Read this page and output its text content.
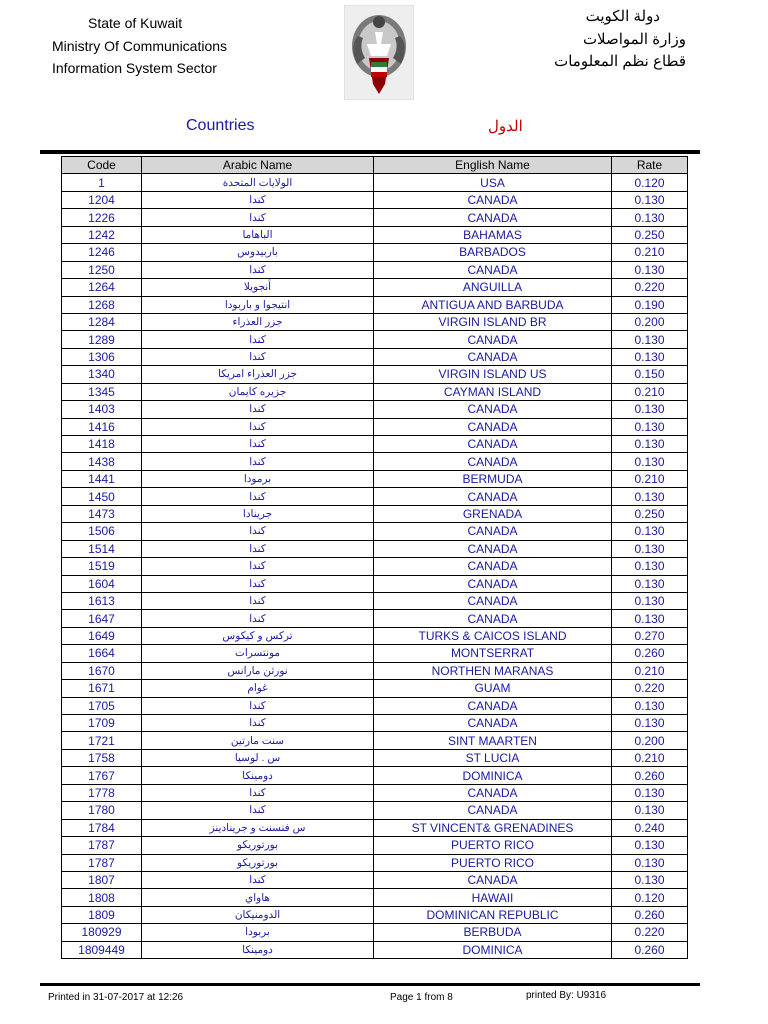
State of Kuwait
Ministry Of Communications
Information System Sector
دولة الكويت
وزارة المواصلات
قطاع نظم المعلومات
Countries	الدول
Code	Arabic Name	English Name	Rate
1	الولايات المتحدة	USA	0.120
1204	كندا	CANADA	0.130
1226	كندا	CANADA	0.130
1242	الباهاما	BAHAMAS	0.250
1246	باربيدوس	BARBADOS	0.210
1250	كندا	CANADA	0.130
1264	أنجويلا	ANGUILLA	0.220
1268	انتيجوا و باربودا	ANTIGUA AND BARBUDA	0.190
1284	جزر العذراء	VIRGIN ISLAND BR	0.200
1289	كندا	CANADA	0.130
1306	كندا	CANADA	0.130
1340	جزر العذراء امريكا	VIRGIN ISLAND US	0.150
1345	جزيره كايمان	CAYMAN ISLAND	0.210
1403	كندا	CANADA	0.130
1416	كندا	CANADA	0.130
1418	كندا	CANADA	0.130
1438	كندا	CANADA	0.130
1441	برمودا	BERMUDA	0.210
1450	كندا	CANADA	0.130
1473	جرينادا	GRENADA	0.250
1506	كندا	CANADA	0.130
1514	كندا	CANADA	0.130
1519	كندا	CANADA	0.130
1604	كندا	CANADA	0.130
1613	كندا	CANADA	0.130
1647	كندا	CANADA	0.130
1649	تركس و كيكوس	TURKS & CAICOS ISLAND	0.270
1664	مونتسرات	MONTSERRAT	0.260
1670	نورثن مارانس	NORTHEN MARANAS	0.210
1671	غوام	GUAM	0.220
1705	كندا	CANADA	0.130
1709	كندا	CANADA	0.130
1721	سنت مارتين	SINT MAARTEN	0.200
1758	س . لوسيا	ST LUCIA	0.210
1767	دومينكا	DOMINICA	0.260
1778	كندا	CANADA	0.130
1780	كندا	CANADA	0.130
1784	س فنسنت و جرينادينز	ST VINCENT& GRENADINES	0.240
1787	بورتوريكو	PUERTO RICO	0.130
1787	بورتوريكو	PUERTO RICO	0.130
1807	كندا	CANADA	0.130
1808	هاواي	HAWAII	0.120
1809	الدومنيكان	DOMINICAN REPUBLIC	0.260
180929	بربودا	BERBUDA	0.220
1809449	دومينكا	DOMINICA	0.260
Printed in 31-07-2017 at 12:26	Page 1 from 8	printed By: U9316
